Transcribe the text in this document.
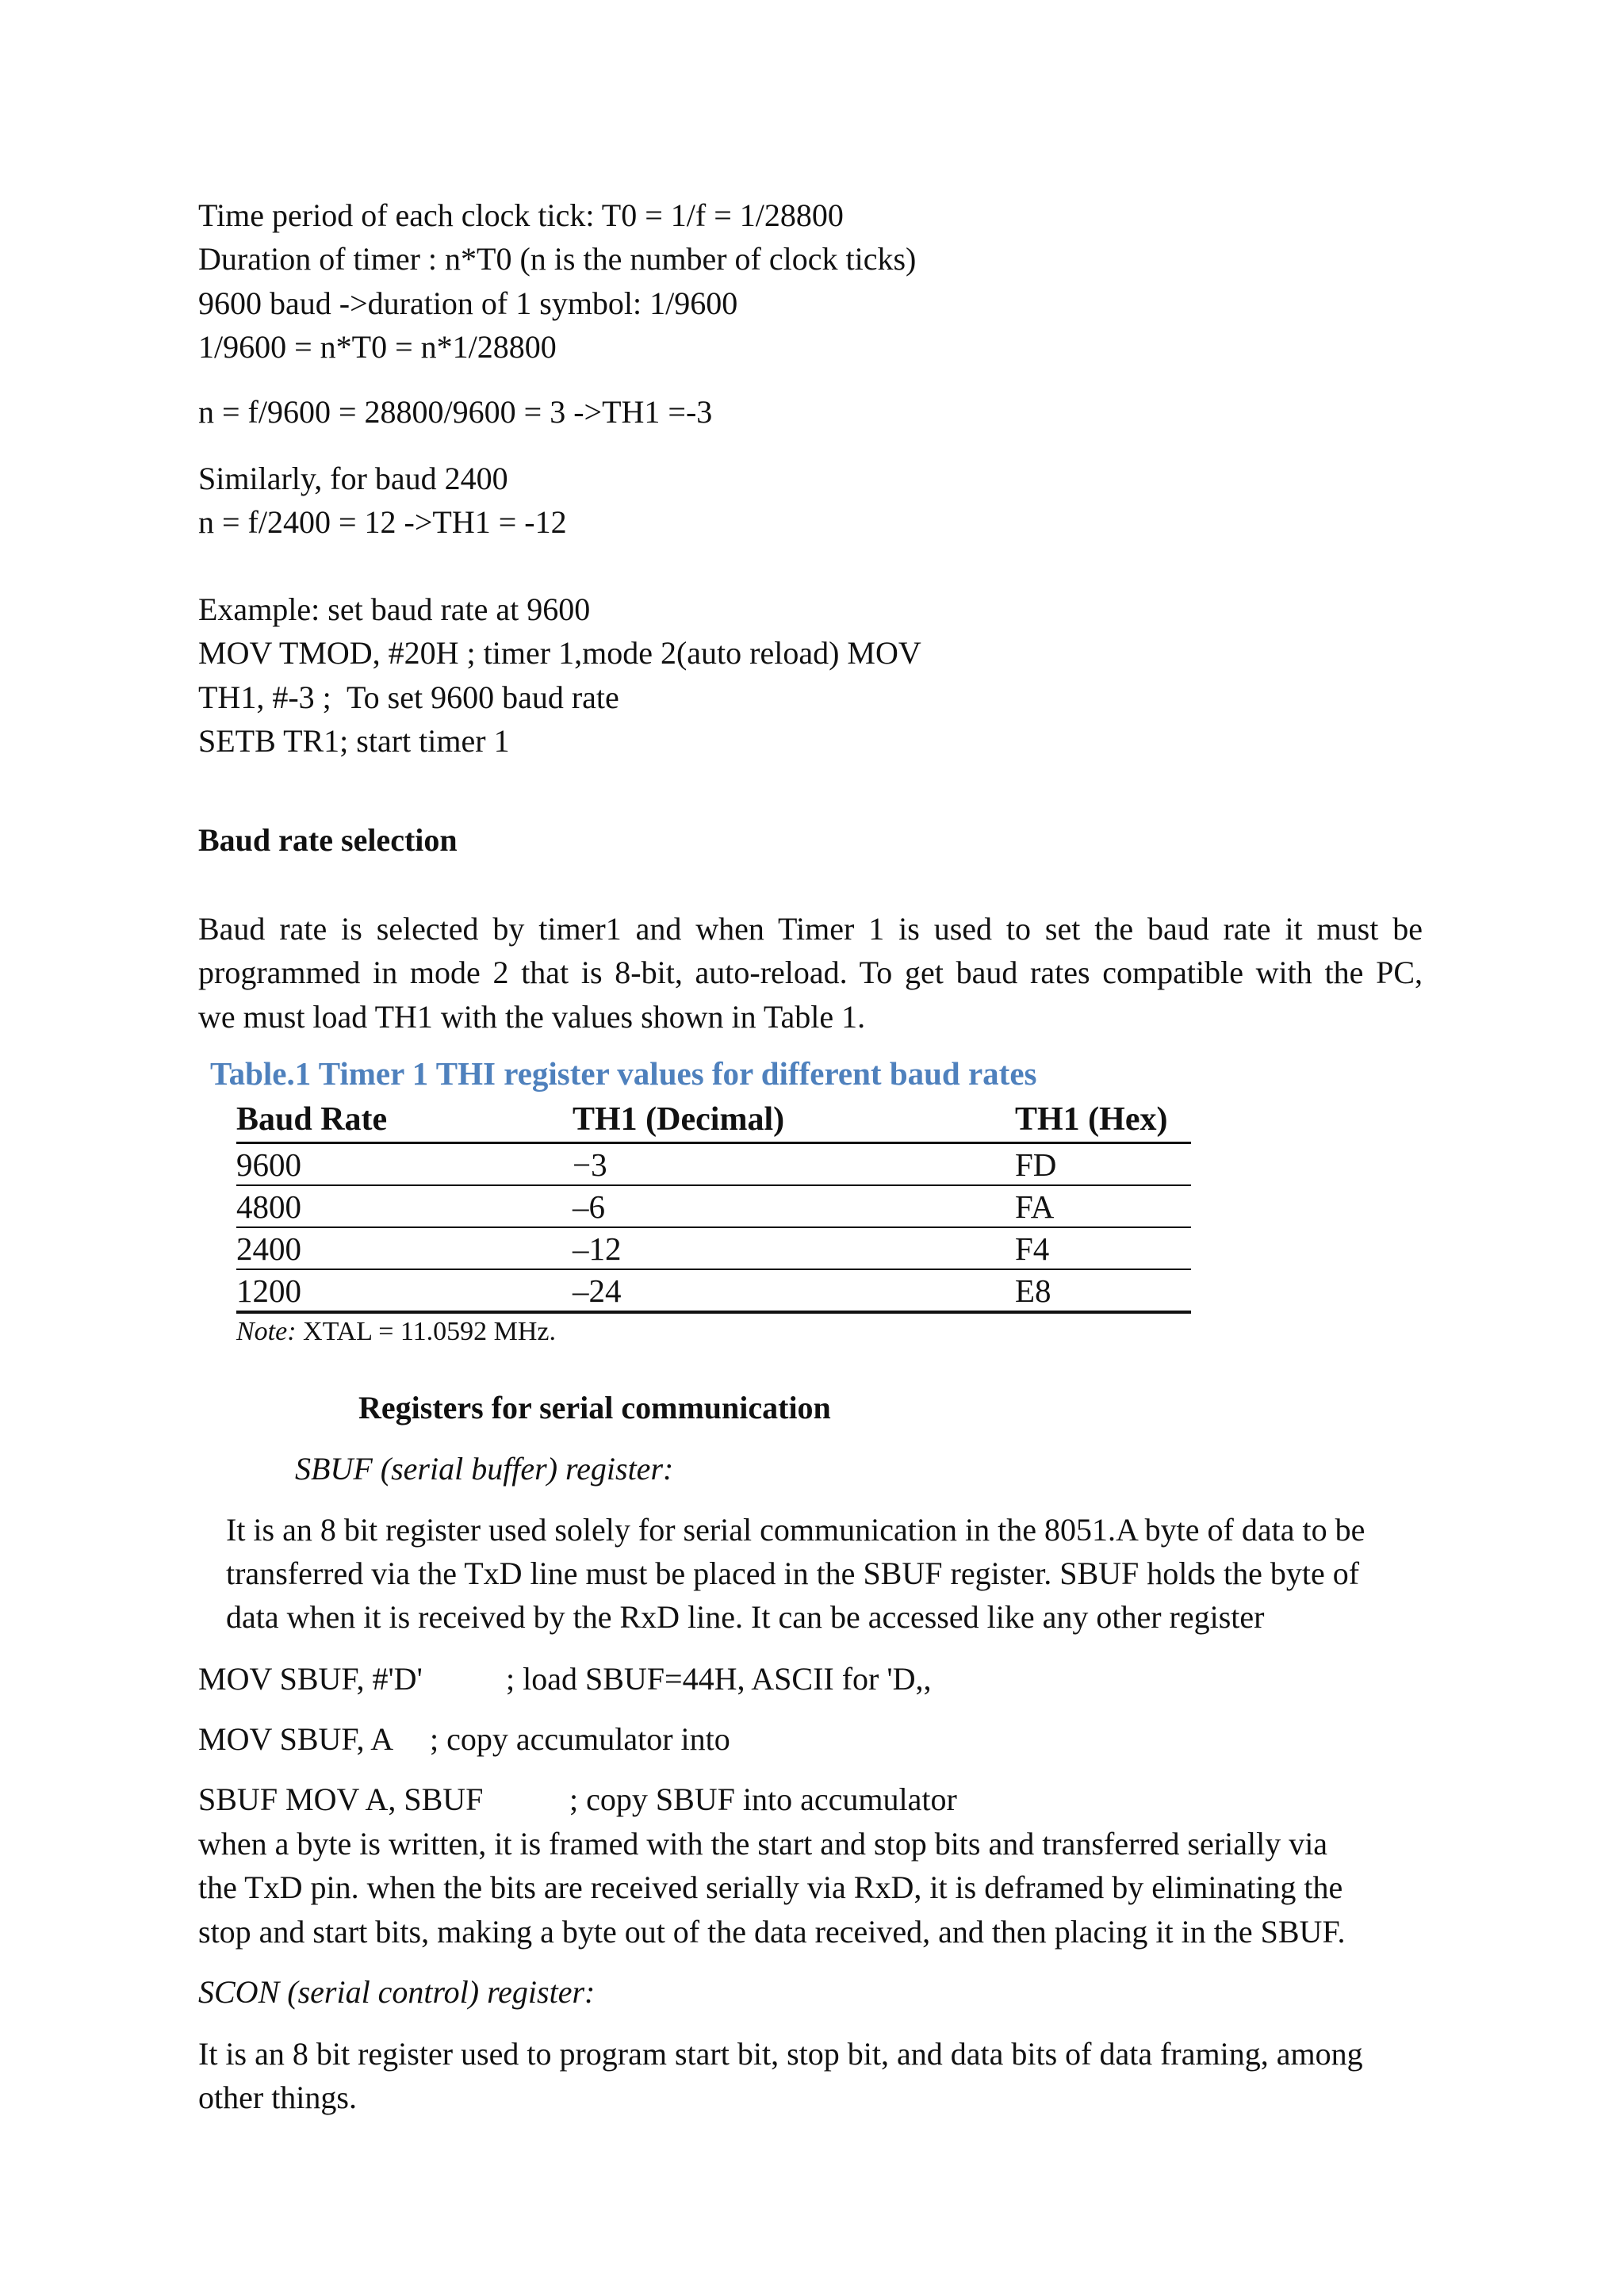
Time period of each clock tick: T0 = 1/f = 1/28800
Duration of timer : n*T0 (n is the number of clock ticks)
9600 baud ->duration of 1 symbol: 1/9600
1/9600 = n*T0 = n*1/28800
n = f/9600 = 28800/9600 = 3 ->TH1 =-3
Similarly, for baud 2400
n = f/2400 = 12 ->TH1 = -12
Example: set baud rate at 9600
MOV TMOD, #20H ; timer 1,mode 2(auto reload) MOV
TH1, #-3 ;  To set 9600 baud rate
SETB TR1; start timer 1
Baud rate selection
Baud rate is selected by timer1 and when Timer 1 is used to set the baud rate it must be
programmed in mode 2 that is 8-bit, auto-reload. To get baud rates compatible with the PC,
we must load TH1 with the values shown in Table 1.
Table.1 Timer 1 THI register values for different baud rates
Baud Rate	TH1 (Decimal)	TH1 (Hex)
9600	−3	FD
4800	–6	FA
2400	–12	F4
1200	–24	E8
Note: XTAL = 11.0592 MHz.
Registers for serial communication
SBUF (serial buffer) register:
It is an 8 bit register used solely for serial communication in the 8051.A byte of data to be
transferred via the TxD line must be placed in the SBUF register. SBUF holds the byte of
data when it is received by the RxD line. It can be accessed like any other register
MOV SBUF, #'D'	; load SBUF=44H, ASCII for 'D,,
MOV SBUF, A ; copy accumulator into
SBUF MOV A, SBUF	; copy SBUF into accumulator
when a byte is written, it is framed with the start and stop bits and transferred serially via
the TxD pin. when the bits are received serially via RxD, it is deframed by eliminating the
stop and start bits, making a byte out of the data received, and then placing it in the SBUF.
SCON (serial control) register:
It is an 8 bit register used to program start bit, stop bit, and data bits of data framing, among
other things.
